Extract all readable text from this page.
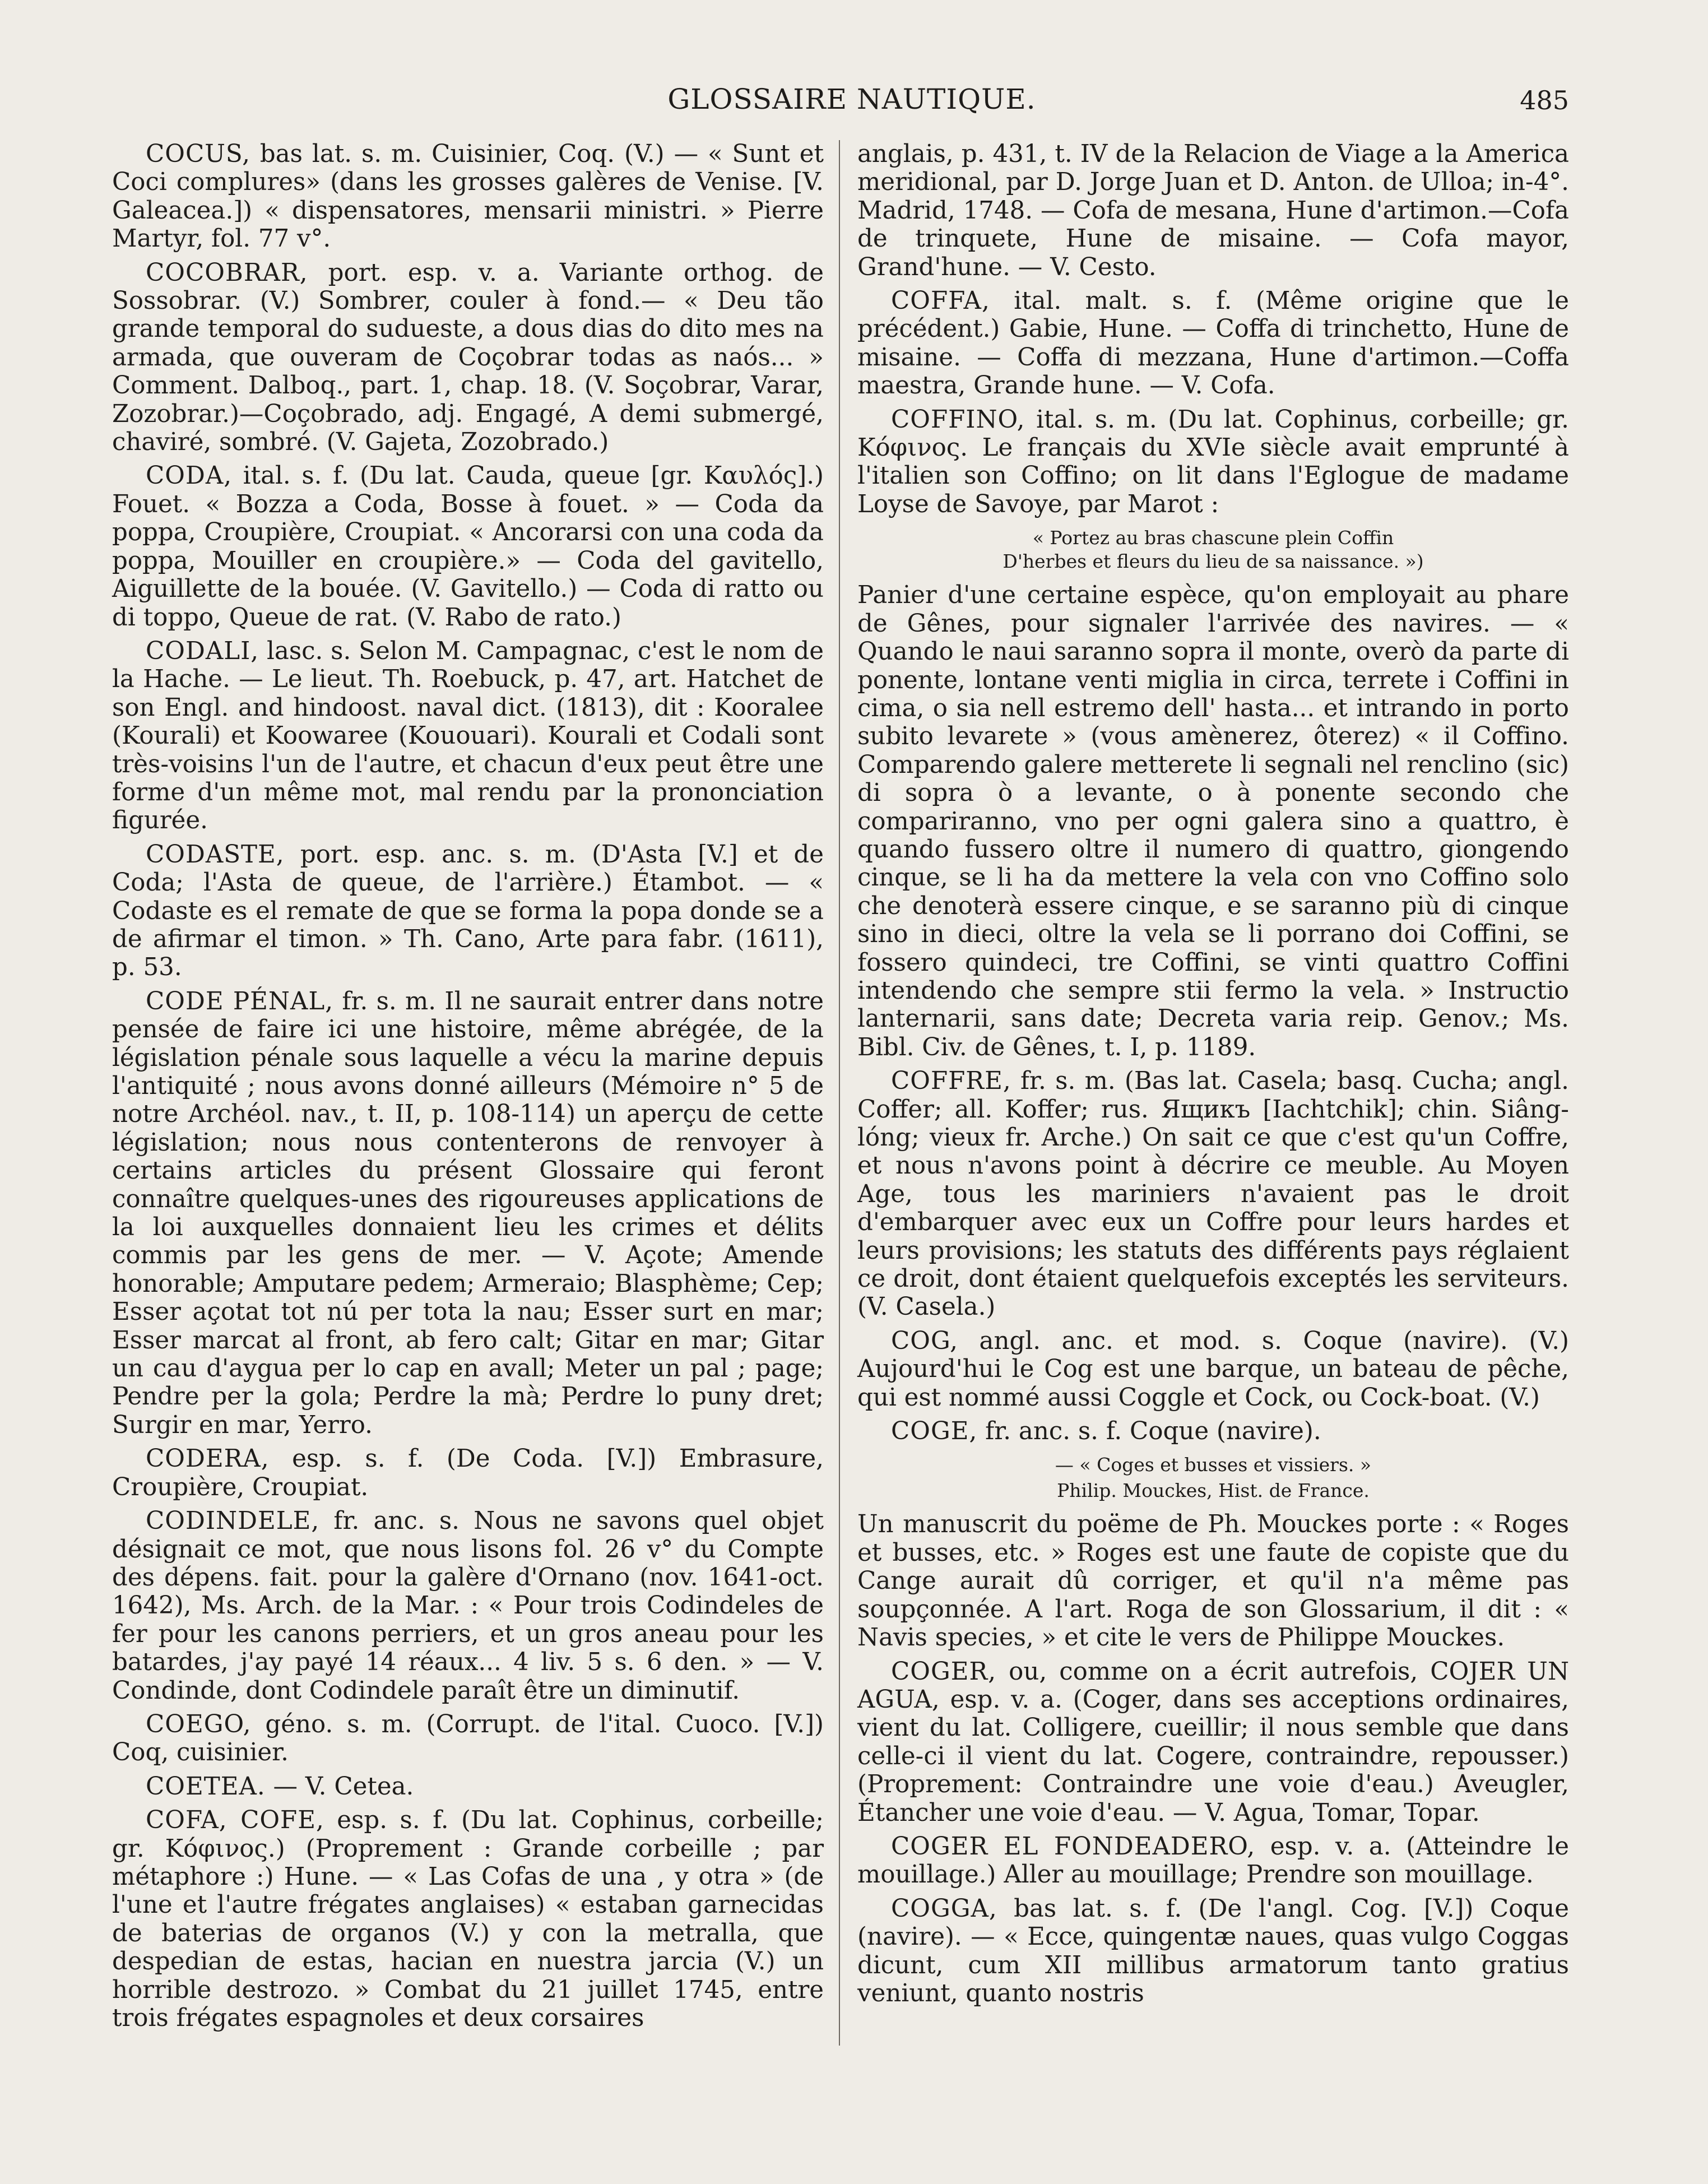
GLOSSAIRE NAUTIQUE.	485

COCUS, bas lat. s. m. Cuisinier, Coq. (V.) — « Sunt et Coci complures» (dans les grosses galères de Venise. [V. Galeacea.]) « dispensatores, mensarii ministri. » Pierre Martyr, fol. 77 v°.

COCOBRAR, port. esp. v. a. Variante orthog. de Sossobrar. (V.) Sombrer, couler à fond.— « Deu tão grande temporal do sudueste, a dous dias do dito mes na armada, que ouveram de Coçobrar todas as naós... » Comment. Dalboq., part. 1, chap. 18. (V. Soçobrar, Varar, Zozobrar.)—Coçobrado, adj. Engagé, A demi submergé, chaviré, sombré. (V. Gajeta, Zozobrado.)

CODA, ital. s. f. (Du lat. Cauda, queue [gr. Καυλός].) Fouet. « Bozza a Coda, Bosse à fouet. » — Coda da poppa, Croupière, Croupiat. « Ancorarsi con una coda da poppa, Mouiller en croupière.» — Coda del gavitello, Aiguillette de la bouée. (V. Gavitello.) — Coda di ratto ou di toppo, Queue de rat. (V. Rabo de rato.)

CODALI, lasc. s. Selon M. Campagnac, c'est le nom de la Hache. — Le lieut. Th. Roebuck, p. 47, art. Hatchet de son Engl. and hindoost. naval dict. (1813), dit : Kooralee (Kourali) et Koowaree (Kououari). Kourali et Codali sont très-voisins l'un de l'autre, et chacun d'eux peut être une forme d'un même mot, mal rendu par la prononciation figurée.

CODASTE, port. esp. anc. s. m. (D'Asta [V.] et de Coda; l'Asta de queue, de l'arrière.) Étambot. — « Codaste es el remate de que se forma la popa donde se a de afirmar el timon. » Th. Cano, Arte para fabr. (1611), p. 53.

CODE PÉNAL, fr. s. m. Il ne saurait entrer dans notre pensée de faire ici une histoire, même abrégée, de la législation pénale sous laquelle a vécu la marine depuis l'antiquité ; nous avons donné ailleurs (Mémoire n° 5 de notre Archéol. nav., t. II, p. 108-114) un aperçu de cette législation; nous nous contenterons de renvoyer à certains articles du présent Glossaire qui feront connaître quelques-unes des rigoureuses applications de la loi auxquelles donnaient lieu les crimes et délits commis par les gens de mer. — V. Açote; Amende honorable; Amputare pedem; Armeraio; Blasphème; Cep; Esser açotat tot nú per tota la nau; Esser surt en mar; Esser marcat al front, ab fero calt; Gitar en mar; Gitar un cau d'aygua per lo cap en avall; Meter un pal ; page; Pendre per la gola; Perdre la mà; Perdre lo puny dret; Surgir en mar, Yerro.

CODERA, esp. s. f. (De Coda. [V.]) Embrasure, Croupière, Croupiat.

CODINDELE, fr. anc. s. Nous ne savons quel objet désignait ce mot, que nous lisons fol. 26 v° du Compte des dépens. fait. pour la galère d'Ornano (nov. 1641-oct. 1642), Ms. Arch. de la Mar. : « Pour trois Codindeles de fer pour les canons perriers, et un gros aneau pour les batardes, j'ay payé 14 réaux... 4 liv. 5 s. 6 den. » — V. Condinde, dont Codindele paraît être un diminutif.

COEGO, géno. s. m. (Corrupt. de l'ital. Cuoco. [V.]) Coq, cuisinier.

COETEA. — V. Cetea.

COFA, COFE, esp. s. f. (Du lat. Cophinus, corbeille; gr. Κόφινος.) (Proprement : Grande corbeille ; par métaphore :) Hune. — « Las Cofas de una , y otra » (de l'une et l'autre frégates anglaises) « estaban garnecidas de baterias de organos (V.) y con la metralla, que despedian de estas, hacian en nuestra jarcia (V.) un horrible destrozo. » Combat du 21 juillet 1745, entre trois frégates espagnoles et deux corsaires

anglais, p. 431, t. IV de la Relacion de Viage a la America meridional, par D. Jorge Juan et D. Anton. de Ulloa; in-4°. Madrid, 1748. — Cofa de mesana, Hune d'artimon.—Cofa de trinquete, Hune de misaine. — Cofa mayor, Grand'hune. — V. Cesto.

COFFA, ital. malt. s. f. (Même origine que le précédent.) Gabie, Hune. — Coffa di trinchetto, Hune de misaine. — Coffa di mezzana, Hune d'artimon.—Coffa maestra, Grande hune. — V. Cofa.

COFFINO, ital. s. m. (Du lat. Cophinus, corbeille; gr. Κόφινος. Le français du XVIe siècle avait emprunté à l'italien son Coffino; on lit dans l'Eglogue de madame Loyse de Savoye, par Marot :

« Portez au bras chascune plein Coffin
D'herbes et fleurs du lieu de sa naissance. »)

Panier d'une certaine espèce, qu'on employait au phare de Gênes, pour signaler l'arrivée des navires. — « Quando le naui saranno sopra il monte, overò da parte di ponente, lontane venti miglia in circa, terrete i Coffini in cima, o sia nell estremo dell' hasta... et intrando in porto subito levarete » (vous amènerez, ôterez) « il Coffino. Comparendo galere metterete li segnali nel renclino (sic) di sopra ò a levante, o à ponente secondo che compariranno, vno per ogni galera sino a quattro, è quando fussero oltre il numero di quattro, giongendo cinque, se li ha da mettere la vela con vno Coffino solo che denoterà essere cinque, e se saranno più di cinque sino in dieci, oltre la vela se li porrano doi Coffini, se fossero quindeci, tre Coffini, se vinti quattro Coffini intendendo che sempre stii fermo la vela. » Instructio lanternarii, sans date; Decreta varia reip. Genov.; Ms. Bibl. Civ. de Gênes, t. I, p. 1189.

COFFRE, fr. s. m. (Bas lat. Casela; basq. Cucha; angl. Coffer; all. Koffer; rus. Ящикъ [Iachtchik]; chin. Siâng-lóng; vieux fr. Arche.) On sait ce que c'est qu'un Coffre, et nous n'avons point à décrire ce meuble. Au Moyen Age, tous les mariniers n'avaient pas le droit d'embarquer avec eux un Coffre pour leurs hardes et leurs provisions; les statuts des différents pays réglaient ce droit, dont étaient quelquefois exceptés les serviteurs. (V. Casela.)

COG, angl. anc. et mod. s. Coque (navire). (V.) Aujourd'hui le Cog est une barque, un bateau de pêche, qui est nommé aussi Coggle et Cock, ou Cock-boat. (V.)

COGE, fr. anc. s. f. Coque (navire).

— « Coges et busses et vissiers. »
Philip. Mouckes, Hist. de France.

Un manuscrit du poëme de Ph. Mouckes porte : « Roges et busses, etc. » Roges est une faute de copiste que du Cange aurait dû corriger, et qu'il n'a même pas soupçonnée. A l'art. Roga de son Glossarium, il dit : « Navis species, » et cite le vers de Philippe Mouckes.

COGER, ou, comme on a écrit autrefois, COJER UN AGUA, esp. v. a. (Coger, dans ses acceptions ordinaires, vient du lat. Colligere, cueillir; il nous semble que dans celle-ci il vient du lat. Cogere, contraindre, repousser.) (Proprement: Contraindre une voie d'eau.) Aveugler, Étancher une voie d'eau. — V. Agua, Tomar, Topar.

COGER EL FONDEADERO, esp. v. a. (Atteindre le mouillage.) Aller au mouillage; Prendre son mouillage.

COGGA, bas lat. s. f. (De l'angl. Cog. [V.]) Coque (navire). — « Ecce, quingentæ naues, quas vulgo Coggas dicunt, cum XII millibus armatorum tanto gratius veniunt, quanto nostris
